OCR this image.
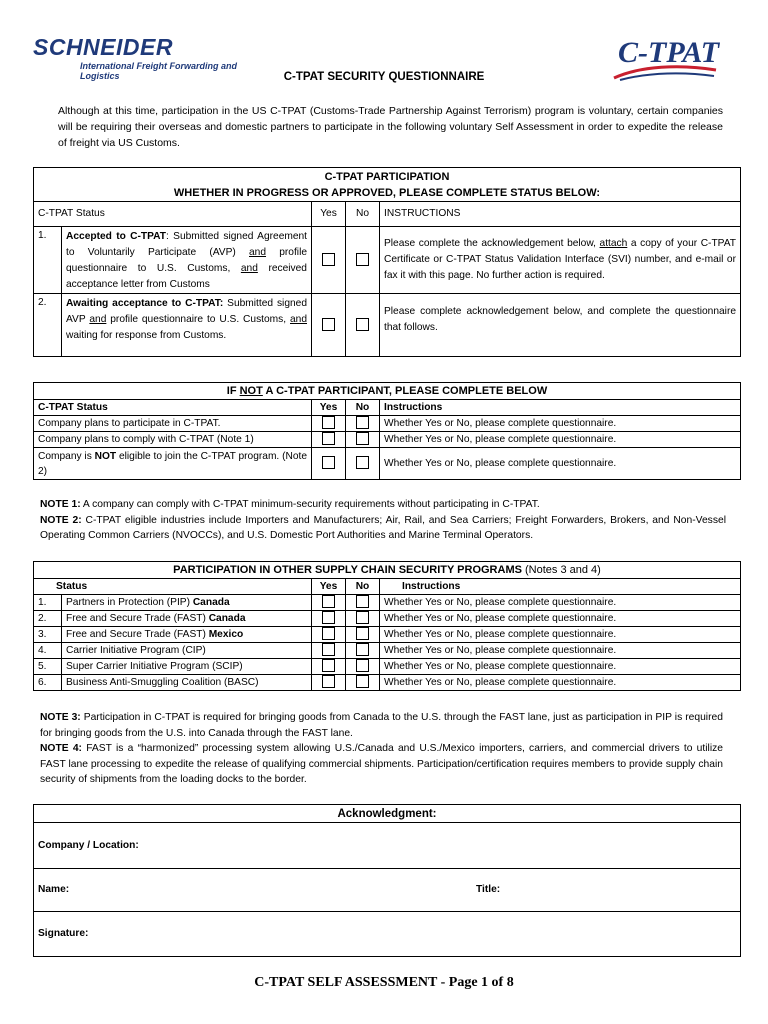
SCHNEIDER
International Freight Forwarding and Logistics
C-TPAT
C-TPAT SECURITY QUESTIONNAIRE
Although at this time, participation in the US C-TPAT (Customs-Trade Partnership Against Terrorism) program is voluntary, certain companies will be requiring their overseas and domestic partners to participate in the following voluntary Self Assessment in order to expedite the release of freight via US Customs.
C-TPAT PARTICIPATION
WHETHER IN PROGRESS OR APPROVED, PLEASE COMPLETE STATUS BELOW:				

C-TPAT Status		Yes	No	INSTRUCTIONS
1.	Accepted to C-TPAT: Submitted signed Agreement to Voluntarily Participate (AVP) and profile questionnaire to U.S. Customs, and received acceptance letter from Customs			Please complete the acknowledgement below, attach a copy of your C-TPAT Certificate or C-TPAT Status Validation Interface (SVI) number, and e-mail or fax it with this page. No further action is required.
2.	Awaiting acceptance to C-TPAT: Submitted signed AVP and profile questionnaire to U.S. Customs, and waiting for response from Customs.			Please complete acknowledgement below, and complete the questionnaire that follows.
IF NOT A C-TPAT PARTICIPANT, PLEASE COMPLETE BELOW			
C-TPAT Status	Yes	No	Instructions
Company plans to participate in C-TPAT.			Whether Yes or No, please complete questionnaire.
Company plans to comply with C-TPAT (Note 1)			Whether Yes or No, please complete questionnaire.
Company is NOT eligible to join the C-TPAT program. (Note 2)			Whether Yes or No, please complete questionnaire.
NOTE 1: A company can comply with C-TPAT minimum-security requirements without participating in C-TPAT.
NOTE 2: C-TPAT eligible industries include Importers and Manufacturers; Air, Rail, and Sea Carriers; Freight Forwarders, Brokers, and Non-Vessel Operating Common Carriers (NVOCCs), and U.S. Domestic Port Authorities and Marine Terminal Operators.
PARTICIPATION IN OTHER SUPPLY CHAIN SECURITY PROGRAMS (Notes 3 and 4)				
Status		Yes	No	Instructions
1.	Partners in Protection (PIP) Canada			Whether Yes or No, please complete questionnaire.
2.	Free and Secure Trade (FAST) Canada			Whether Yes or No, please complete questionnaire.
3.	Free and Secure Trade (FAST) Mexico			Whether Yes or No, please complete questionnaire.
4.	Carrier Initiative Program (CIP)			Whether Yes or No, please complete questionnaire.
5.	Super Carrier Initiative Program (SCIP)			Whether Yes or No, please complete questionnaire.
6.	Business Anti-Smuggling Coalition (BASC)			Whether Yes or No, please complete questionnaire.
NOTE 3: Participation in C-TPAT is required for bringing goods from Canada to the U.S. through the FAST lane, just as participation in PIP is required for bringing goods from the U.S. into Canada through the FAST lane.
NOTE 4: FAST is a “harmonized” processing system allowing U.S./Canada and U.S./Mexico importers, carriers, and commercial drivers to utilize FAST lane processing to expedite the release of qualifying commercial shipments. Participation/certification requires members to provide supply chain security of shipments from the loading docks to the border.
Acknowledgment:
Company / Location:
Name:	Title:
Signature:
C-TPAT SELF ASSESSMENT - Page 1 of 8
